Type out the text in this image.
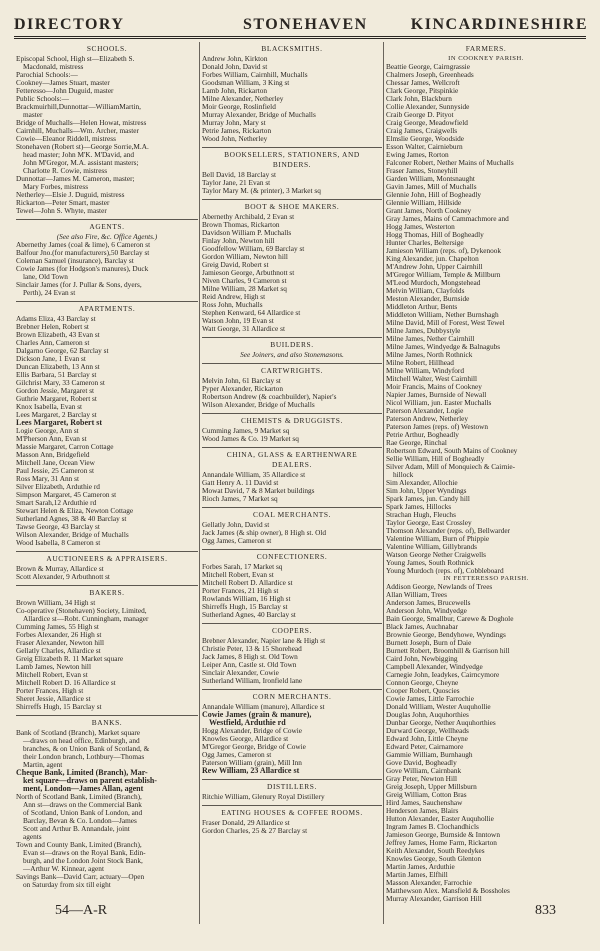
DIRECTORY	STONEHAVEN	KINCARDINESHIRE
SCHOOLS.
Episcopal School, High st—Elizabeth S.
Macdonald, mistress
Parochial Schools:—
Cookney—James Stuart, master
Fetteresso—John Duguid, master
Public Schools:—
Brackmuirhill,Dunnottar—WilliamMartin,
master
Bridge of Muchalls—Helen Howat, mistress
Cairnhill, Muchalls—Wm. Archer, master
Cowie—Eleanor Riddell, mistress
Stonehaven (Robert st)—George Sorrie,M.A.
head master; John M'K. M'David, and
John M'Gregor, M.A. assistant masters;
Charlotte R. Cowie, mistress
Dunnottar—James M. Cameron, master;
Mary Forbes, mistress
Netherley—Elsie J. Duguid, mistress
Rickarton—Peter Smart, master
Tewel—John S. Whyte, master
AGENTS.
(See also Fire, &c. Office Agents.)
Abernethy James (coal & lime), 6 Cameron st
Balfour Jno.(for manufacturers),50 Barclay st
Coleman Samuel (insurance), Barclay st
Cowie James (for Hodgson's manures), Duck
lane, Old Town
Sinclair James (for J. Pullar & Sons, dyers,
Perth), 24 Evan st
APARTMENTS.
Adams Eliza, 43 Barclay st
Brebner Helen, Robert st
Brown Elizabeth, 43 Evan st
Charles Ann, Cameron st
Dalgarno George, 62 Barclay st
Dickson Jane, 1 Evan st
Duncan Elizabeth, 13 Ann st
Ellis Barbara, 51 Barclay st
Gilchrist Mary, 33 Cameron st
Gordon Jessie, Margaret st
Guthrie Margaret, Robert st
Knox Isabella, Evan st
Lees Margaret, 2 Barclay st
Lees Margaret, Robert st
Logie George, Ann st
M'Pherson Ann, Evan st
Massie Margaret, Carron Cottage
Masson Ann, Bridgefield
Mitchell Jane, Ocean View
Paul Jessie, 25 Cameron st
Ross Mary, 31 Ann st
Silver Elizabeth, Arduthie rd
Simpson Margaret, 45 Cameron st
Smart Sarah,12 Arduthie rd
Stewart Helen & Eliza, Newton Cottage
Sutherland Agnes, 38 & 40 Barclay st
Tawse George, 43 Barclay st
Wilson Alexander, Bridge of Muchalls
Wood Isabella, 8 Cameron st
AUCTIONEERS & APPRAISERS.
Brown & Murray, Allardice st
Scott Alexander, 9 Arbuthnott st
BAKERS.
Brown William, 34 High st
Co-operative (Stonehaven) Society, Limited,
Allardice st—Robt. Cunningham, manager
Cumming James, 55 High st
Forbes Alexander, 26 High st
Fraser Alexander, Newton hill
Gellatly Charles, Allardice st
Greig Elizabeth R. 11 Market square
Lamb James, Newton hill
Mitchell Robert, Evan st
Mitchell Robert D. 16 Allardice st
Porter Frances, High st
Sheret Jessie, Allardice st
Shirreffs Hugh, 15 Barclay st
BANKS.
Bank of Scotland (Branch), Market square
—draws on head office, Edinburgh, and
branches, & on Union Bank of Scotland, &
their London branch, Lothbury—Thomas
Martin, agent
Cheque Bank, Limited (Branch), Mar-
ket square—draws on parent establish-
ment, London—James Allan, agent
North of Scotland Bank, Limited (Branch),
Ann st—draws on the Commercial Bank
of Scotland, Union Bank of London, and
Barclay, Bevan & Co. London—James
Scott and Arthur B. Annandale, joint
agents
Town and County Bank, Limited (Branch),
Evan st—draws on the Royal Bank, Edin-
burgh, and the London Joint Stock Bank,
—Arthur W. Kinnear, agent
Savings Bank—David Carr, actuary—Open
on Saturday from six till eight
BLACKSMITHS.
Andrew John, Kirkton
Donald John, David st
Forbes William, Cairnhill, Muchalls
Goodsman William, 3 King st
Lamb John, Rickarton
Milne Alexander, Netherley
Moir George, Roslinfield
Murray Alexander, Bridge of Muchalls
Murray John, Mary st
Petrie James, Rickarton
Wood John, Netherley
BOOKSELLERS, STATIONERS, AND
BINDERS.
Bell David, 18 Barclay st
Taylor Jane, 21 Evan st
Taylor Mary M. (& printer), 3 Market sq
BOOT & SHOE MAKERS.
Abernethy Archibald, 2 Evan st
Brown Thomas, Rickarton
Davidson William P. Muchalls
Finlay John, Newton hill
Goodfellow William, 69 Barclay st
Gordon William, Newton hill
Greig David, Robert st
Jamieson George, Arbuthnott st
Niven Charles, 9 Cameron st
Milne William, 28 Market sq
Reid Andrew, High st
Ross John, Muchalls
Stephen Kenward, 64 Allardice st
Watson John, 19 Evan st
Watt George, 31 Allardice st
BUILDERS.
See Joiners, and also Stonemasons.
CARTWRIGHTS.
Melvin John, 61 Barclay st
Pyper Alexander, Rickarton
Robertson Andrew (& coachbuilder), Napier's
Wilson Alexander, Bridge of Muchalls
CHEMISTS & DRUGGISTS.
Cumming James, 9 Market sq
Wood James & Co. 19 Market sq
CHINA, GLASS & EARTHENWARE
DEALERS.
Annandale William, 35 Allardice st
Gatt Henry A. 11 David st
Mowat David, 7 & 8 Market buildings
Rioch James, 7 Market sq
COAL MERCHANTS.
Gellatly John, David st
Jack James (& ship owner), 8 High st. Old
Ogg James, Cameron st
CONFECTIONERS.
Forbes Sarah, 17 Market sq
Mitchell Robert, Evan st
Mitchell Robert D. Allardice st
Porter Frances, 21 High st
Rowlands William, 16 High st
Shirreffs Hugh, 15 Barclay st
Sutherland Agnes, 40 Barclay st
COOPERS.
Brebner Alexander, Napier lane & High st
Christie Peter, 13 & 15 Shorehead
Jack James, 8 High st. Old Town
Leiper Ann, Castle st. Old Town
Sinclair Alexander, Cowie
Sutherland William, Ironfield lane
CORN MERCHANTS.
Annandale William (manure), Allardice st
Cowie James (grain & manure),
Westfield, Arduthie rd
Hogg Alexander, Bridge of Cowie
Knowles George, Allardice st
M'Gregor George, Bridge of Cowie
Ogg James, Cameron st
Paterson William (grain), Mill Inn
Rew William, 23 Allardice st
DISTILLERS.
Ritchie William, Glenury Royal Distillery
EATING HOUSES & COFFEE ROOMS.
Fraser Donald, 29 Allardice st
Gordon Charles, 25 & 27 Barclay st
FARMERS.
IN COOKNEY PARISH.
Beattie George, Cairngrassie
Chalmers Joseph, Greenheads
Chessar James, Wellcroft
Clark George, Pitspinkie
Clark John, Blackburn
Collie Alexander, Sunnyside
Craib George D. Pityot
Craig George, Meadowfield
Craig James, Craigwells
Elmslie George, Woodside
Esson Walter, Cairnieburn
Ewing James, Rorton
Falconer Robert, Nether Mains of Muchalls
Fraser James, Stoneyhill
Garden William, Montsnaught
Gavin James, Mill of Muchalls
Glennie John, Hill of Bogheadly
Glennie William, Hillside
Grant James, North Cookney
Gray James, Mains of Cammachmore and
Hogg James, Westerton
Hogg Thomas, Hill of Bogheadly
Hunter Charles, Beltersige
Jamieson William (reps. of), Dykenook
King Alexander, jun. Chapelton
M'Andrew John, Upper Cairnhill
M'Gregor William, Temple & Millburn
M'Leod Murdoch, Mongstehead
Melvin William, Clayfolds
Meston Alexander, Burnside
Middleton Arthur, Bents
Middleton William, Nether Burnshagh
Milne David, Mill of Forest, West Tewel
Milne James, Dubbystyle
Milne James, Nether Cairnhill
Milne James, Windyedge & Balnagubs
Milne James, North Rothnick
Milne Robert, Hillhead
Milne William, Windyford
Mitchell Walter, West Cairnhill
Moir Francis, Mains of Cookney
Napier James, Burnside of Newall
Nicol William, jun. Easter Muchalls
Paterson Alexander, Logie
Paterson Andrew, Netherley
Paterson James (reps. of) Westown
Petrie Arthur, Bogheadly
Rae George, Rinchal
Robertson Edward, South Mains of Cookney
Sellie William, Hill of Bogheadly
Silver Adam, Mill of Monquiech & Cairnie-
hillock
Sim Alexander, Allochie
Sim John, Upper Wyndings
Spark James, jun. Candy hill
Spark James, Hillocks
Strachan Hugh, Fleuchs
Taylor George, East Crossley
Thomson Alexander (reps. of), Bellwarder
Valentine William, Burn of Phippie
Valentine William, Gillybrands
Watson George Nether Craigwells
Young James, South Rothnick
Young Murdoch (reps. of), Cobbleboard
IN FETTERESSO PARISH.
Addison George, Newlands of Trees
Allan William, Trees
Anderson James, Brucewells
Anderson John, Windyedge
Bain George, Smallbur, Carewe & Doghole
Black James, Auchnabar
Brownie George, Bendyhowe, Wyndings
Burnett Joseph, Burn of Daie
Burnett Robert, Broomhill & Garrison hill
Caird John, Newbigging
Campbell Alexander, Windyedge
Carnegie John, Ieadykes, Cairncymore
Connon George, Cheyne
Cooper Robert, Quoscies
Cowie James, Little Farrochie
Donald William, Wester Auquhollie
Douglas John, Auquhorthies
Dunbar George, Nether Auquhorthies
Durward George, Wellheads
Edward John, Little Cheyne
Edward Peter, Cairnamore
Gammie William, Burnhaugh
Gove David, Bogheadly
Gove William, Cairnbank
Gray Peter, Newton Hill
Greig Joseph, Upper Millsburn
Greig William, Cotton Bras
Hird James, Sauchenshaw
Henderson James, Blairs
Hutton Alexander, Easter Auquhollie
Ingram James B. Clochandhicls
Jamieson George, Burnside & Inntown
Jeffrey James, Home Farm, Rickarton
Keith Alexander, South Reedykes
Knowles George, South Glenton
Martin James, Arduthie
Martin James, Elfhill
Masson Alexander, Farrochie
Matthewson Alex. Mansfield & Bossholes
Murray Alexander, Garrison Hill
54—A-R	833
